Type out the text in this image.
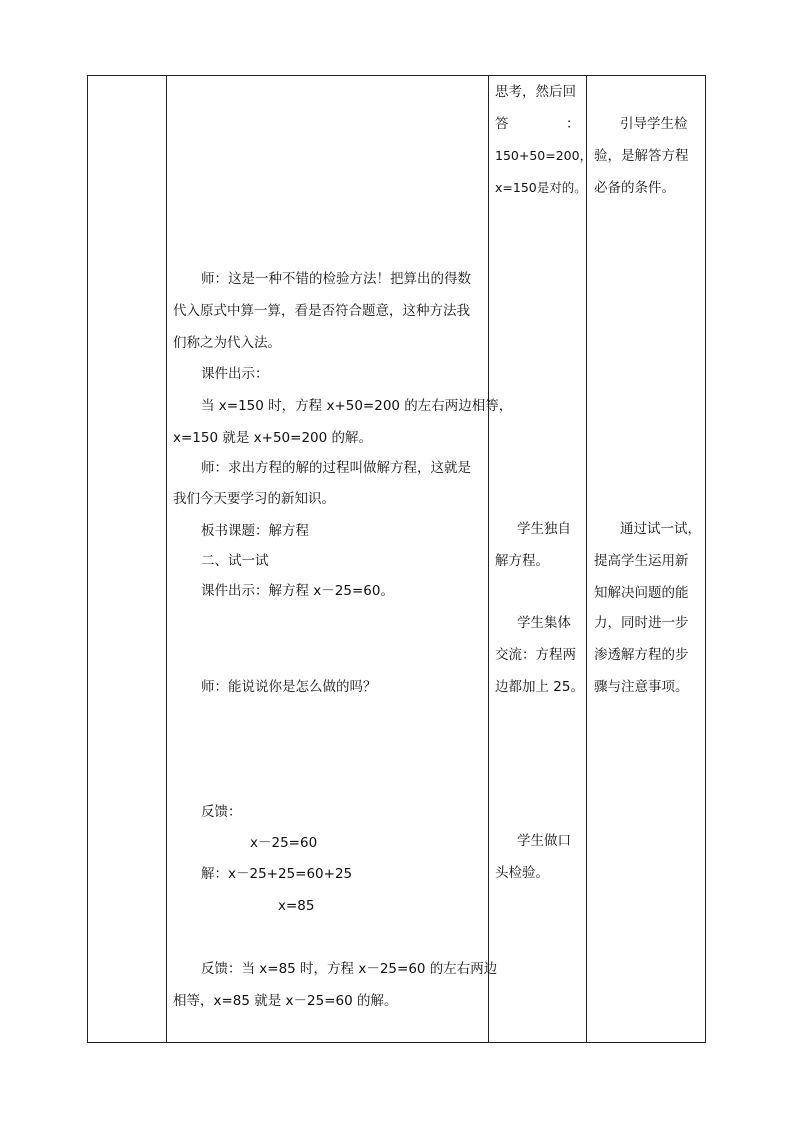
思考，然后回
答	：
150+50=200，
x=150是对的。
学生独自
解方程。
学生集体
交流：方程两
边都加上 25。
学生做口
头检验。
引导学生检
验，是解答方程
必备的条件。
通过试一试，
提高学生运用新
知解决问题的能
力，同时进一步
渗透解方程的步
骤与注意事项。
师：这是一种不错的检验方法！把算出的得数
代入原式中算一算，看是否符合题意，这种方法我
们称之为代入法。
课件出示：
当 x=150 时，方程 x+50=200 的左右两边相等，
x=150 就是 x+50=200 的解。
师：求出方程的解的过程叫做解方程，这就是
我们今天要学习的新知识。
板书课题：解方程
二、试一试
课件出示：解方程 x－25=60。
师：能说说你是怎么做的吗？
反馈：
x－25=60
解：x－25+25=60+25
x=85
反馈：当 x=85 时，方程 x－25=60 的左右两边
相等，x=85 就是 x－25=60 的解。
